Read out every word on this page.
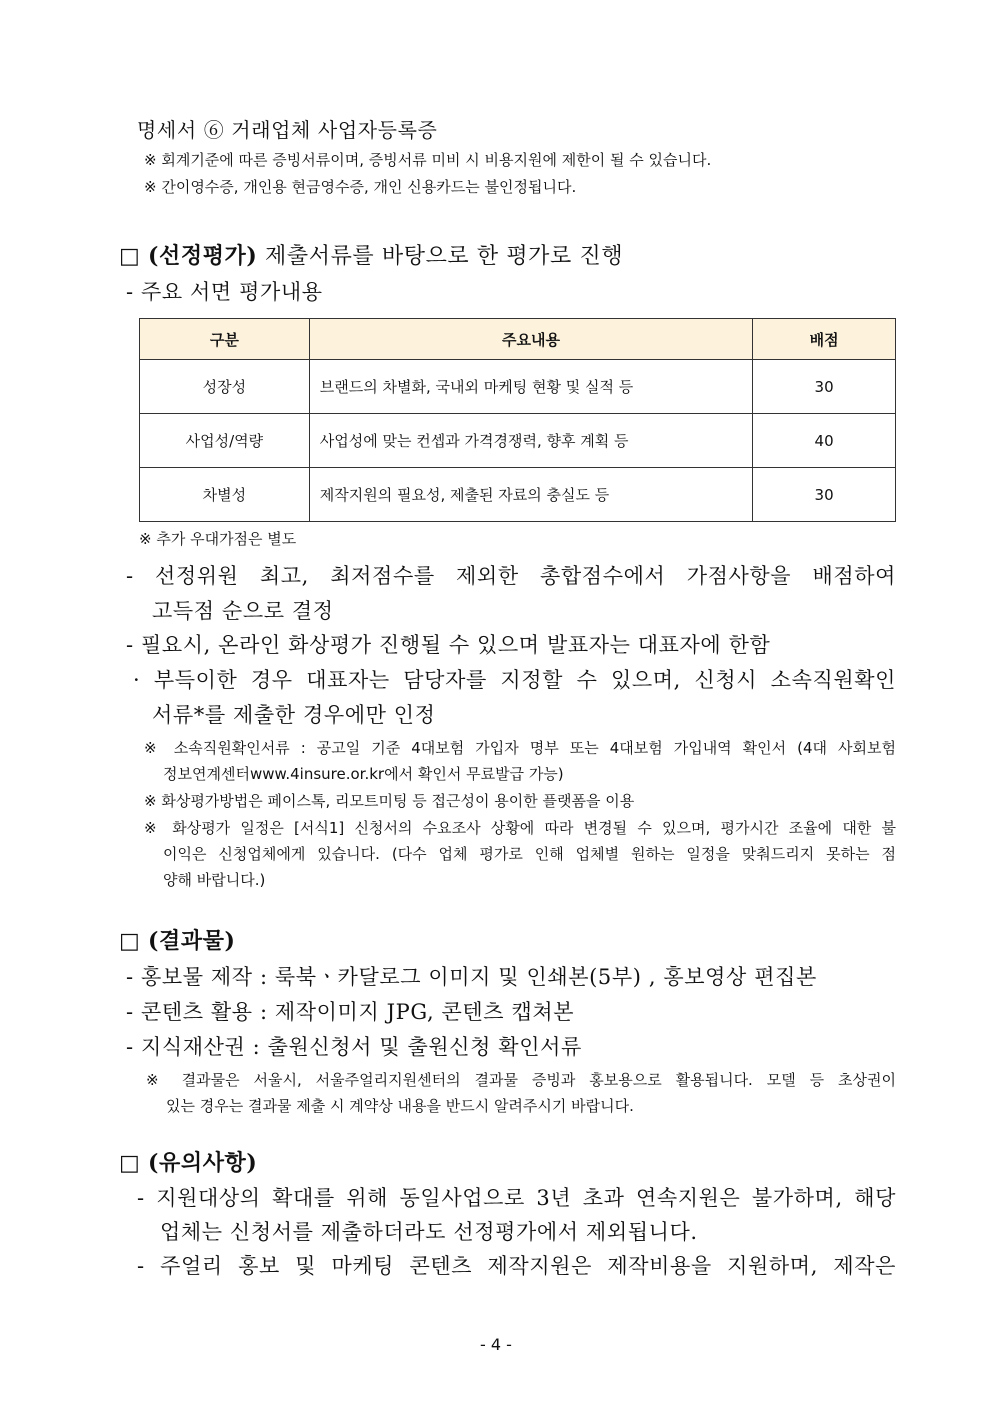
명세서 ⑥ 거래업체 사업자등록증
※ 회계기준에 따른 증빙서류이며, 증빙서류 미비 시 비용지원에 제한이 될 수 있습니다.
※ 간이영수증, 개인용 현금영수증, 개인 신용카드는 불인정됩니다.
□ (선정평가) 제출서류를 바탕으로 한 평가로 진행
- 주요 서면 평가내용
구분	주요내용	배점
성장성	브랜드의 차별화, 국내외 마케팅 현황 및 실적 등	30
사업성/역량	사업성에 맞는 컨셉과 가격경쟁력, 향후 계획 등	40
차별성	제작지원의 필요성, 제출된 자료의 충실도 등	30
※ 추가 우대가점은 별도
- 선정위원 최고, 최저점수를 제외한 총합점수에서 가점사항을 배점하여
고득점 순으로 결정
- 필요시, 온라인 화상평가 진행될 수 있으며 발표자는 대표자에 한함
· 부득이한 경우 대표자는 담당자를 지정할 수 있으며, 신청시 소속직원확인
서류*를 제출한 경우에만 인정
※ 소속직원확인서류 : 공고일 기준 4대보험 가입자 명부 또는 4대보험 가입내역 확인서 (4대 사회보험
정보연계센터www.4insure.or.kr에서 확인서 무료발급 가능)
※ 화상평가방법은 페이스톡, 리모트미팅 등 접근성이 용이한 플랫폼을 이용
※ 화상평가 일정은 [서식1] 신청서의 수요조사 상황에 따라 변경될 수 있으며, 평가시간 조율에 대한 불
이익은 신청업체에게 있습니다. (다수 업체 평가로 인해 업체별 원하는 일정을 맞춰드리지 못하는 점
양해 바랍니다.)
□ (결과물)
- 홍보물 제작 : 룩북ㆍ카달로그 이미지 및 인쇄본(5부) , 홍보영상 편집본
- 콘텐츠 활용 : 제작이미지 JPG, 콘텐츠 캡쳐본
- 지식재산권 : 출원신청서 및 출원신청 확인서류
※ 결과물은 서울시, 서울주얼리지원센터의 결과물 증빙과 홍보용으로 활용됩니다. 모델 등 초상권이
있는 경우는 결과물 제출 시 계약상 내용을 반드시 알려주시기 바랍니다.
□ (유의사항)
- 지원대상의 확대를 위해 동일사업으로 3년 초과 연속지원은 불가하며, 해당
업체는 신청서를 제출하더라도 선정평가에서 제외됩니다.
- 주얼리 홍보 및 마케팅 콘텐츠 제작지원은 제작비용을 지원하며, 제작은
- 4 -
